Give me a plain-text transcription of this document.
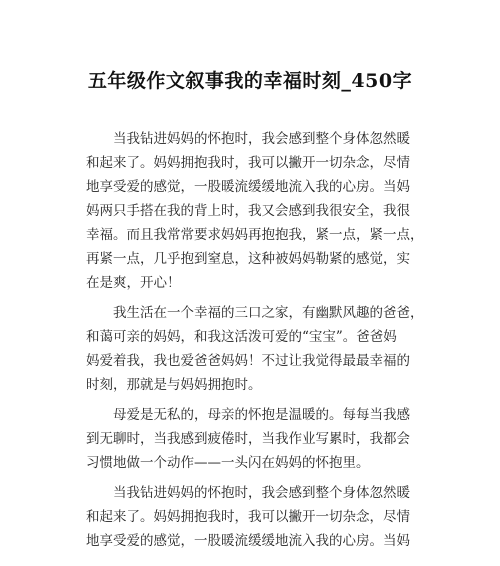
五年级作文叙事我的幸福时刻_450字
　　当我钻进妈妈的怀抱时，我会感到整个身体忽然暖
和起来了。妈妈拥抱我时，我可以撇开一切杂念，尽情
地享受爱的感觉，一股暖流缓缓地流入我的心房。当妈
妈两只手搭在我的背上时，我又会感到我很安全，我很
幸福。而且我常常要求妈妈再抱抱我，紧一点，紧一点，
再紧一点，几乎抱到窒息，这种被妈妈勒紧的感觉，实
在是爽，开心！
　　我生活在一个幸福的三口之家，有幽默风趣的爸爸，
和蔼可亲的妈妈，和我这活泼可爱的“宝宝”。爸爸妈
妈爱着我，我也爱爸爸妈妈！不过让我觉得最最幸福的
时刻，那就是与妈妈拥抱时。
　　母爱是无私的，母亲的怀抱是温暖的。每每当我感
到无聊时，当我感到疲倦时，当我作业写累时，我都会
习惯地做一个动作——一头闪在妈妈的怀抱里。
　　当我钻进妈妈的怀抱时，我会感到整个身体忽然暖
和起来了。妈妈拥抱我时，我可以撇开一切杂念，尽情
地享受爱的感觉，一股暖流缓缓地流入我的心房。当妈
